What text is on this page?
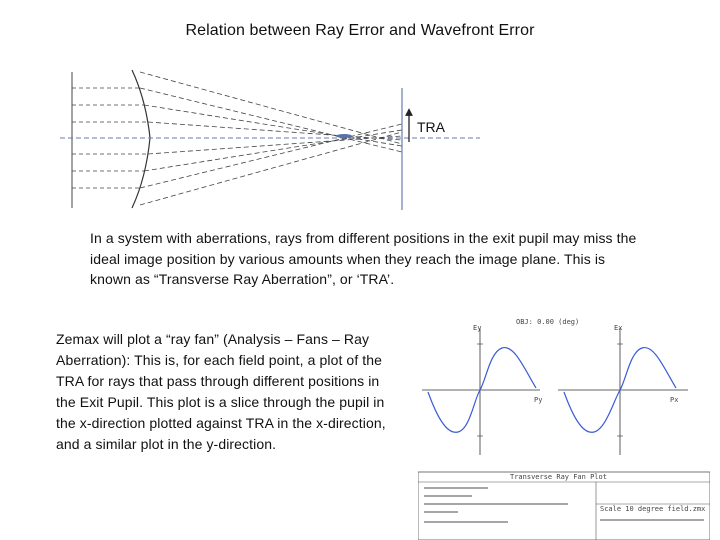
Relation between Ray Error and Wavefront Error
TRA

In a system with aberrations, rays from different positions in the exit pupil may miss the ideal image position by various amounts when they reach the image plane. This is known as “Transverse Ray Aberration”, or ‘TRA’.

Zemax will plot a “ray fan” (Analysis – Fans – Ray Aberration): This is, for each field point, a plot of the TRA for rays that pass through different positions in the Exit Pupil. This plot is a slice through the pupil in the x-direction plotted against TRA in the x-direction, and a similar plot in the y-direction.

OBJ: 0.00 (deg)
Ey
Py
Ex
Px
Transverse Ray Fan Plot
Scale 10 degree field.zmx
